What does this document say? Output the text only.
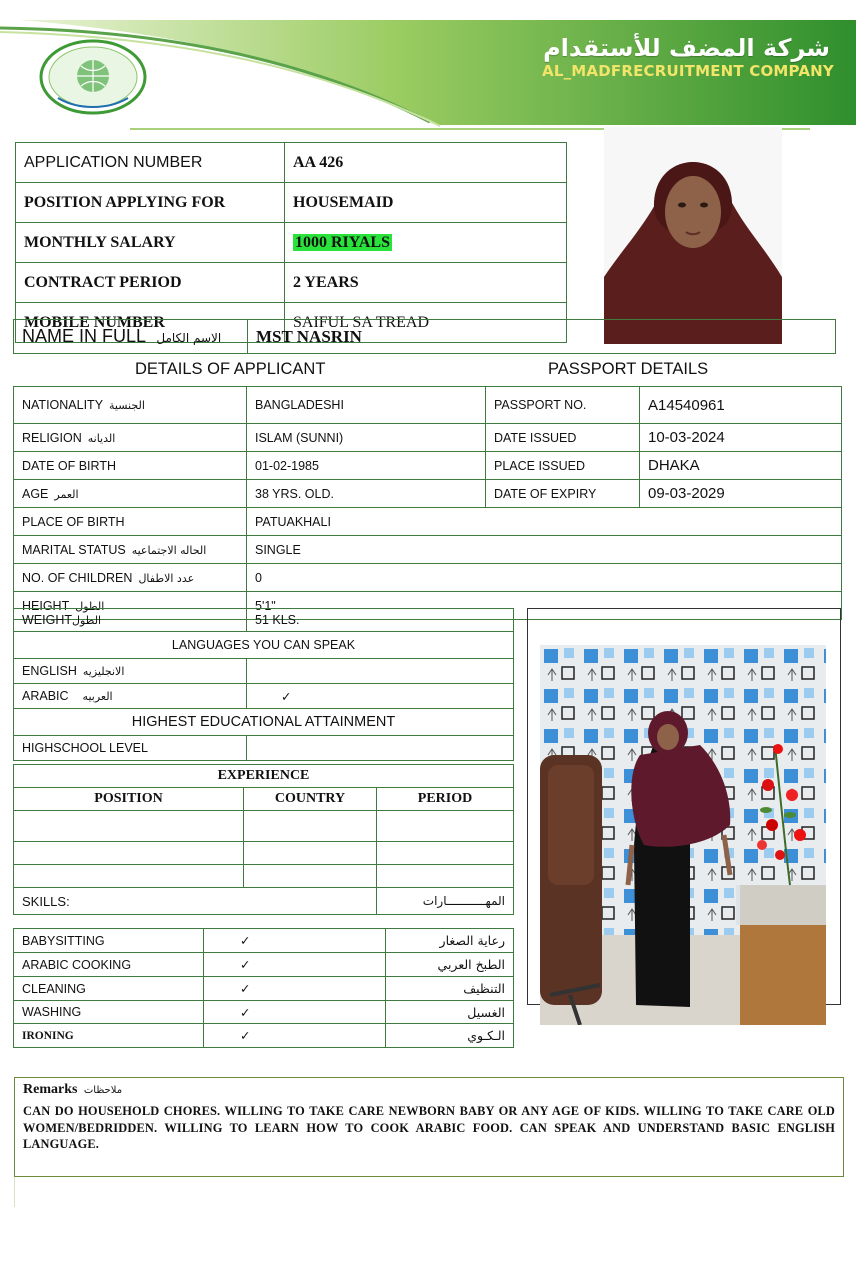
شركة المضف للأستقدام
AL_MADFRECRUITMENT COMPANY
APPLICATION NUMBER	AA 426
POSITION APPLYING FOR	HOUSEMAID
MONTHLY SALARY	1000 RIYALS
CONTRACT PERIOD	2 YEARS
MOBILE NUMBER	SAIFUL SA TREAD
NAME IN FULL الاسم الكامل	MST NASRIN
DETAILS OF APPLICANT	PASSPORT DETAILS
NATIONALITY الجنسية	BANGLADESHI	PASSPORT NO.	A14540961
RELIGION الديانه	ISLAM (SUNNI)	DATE ISSUED	10-03-2024
DATE OF BIRTH	01-02-1985	PLACE ISSUED	DHAKA
AGE العمر	38 YRS. OLD.	DATE OF EXPIRY	09-03-2029
PLACE OF BIRTH	PATUAKHALI		
MARITAL STATUS الحاله الاجتماعيه	SINGLE		
NO. OF CHILDREN عدد الاطفال	0		
HEIGHT الطول	5'1"		
WEIGHTالطول	51 KLS.
LANGUAGES YOU CAN SPEAK	
ENGLISH الانجليزيه	
ARABIC العربيه	✓
HIGHEST EDUCATIONAL ATTAINMENT	
HIGHSCHOOL LEVEL	
EXPERIENCE		
POSITION	COUNTRY	PERIOD

SKILLS:		المهـــــــــــارات
BABYSITTING	✓	رعاية الصغار
ARABIC COOKING	✓	الطبخ العربي
CLEANING	✓	التنظيف
WASHING	✓	الغسيل
IRONING	✓	الـكـوي
Remarks ملاحظات
CAN DO HOUSEHOLD CHORES. WILLING TO TAKE CARE NEWBORN BABY OR ANY AGE OF KIDS. WILLING TO TAKE CARE OLD WOMEN/BEDRIDDEN. WILLING TO LEARN HOW TO COOK ARABIC FOOD. CAN SPEAK AND UNDERSTAND BASIC ENGLISH LANGUAGE.
